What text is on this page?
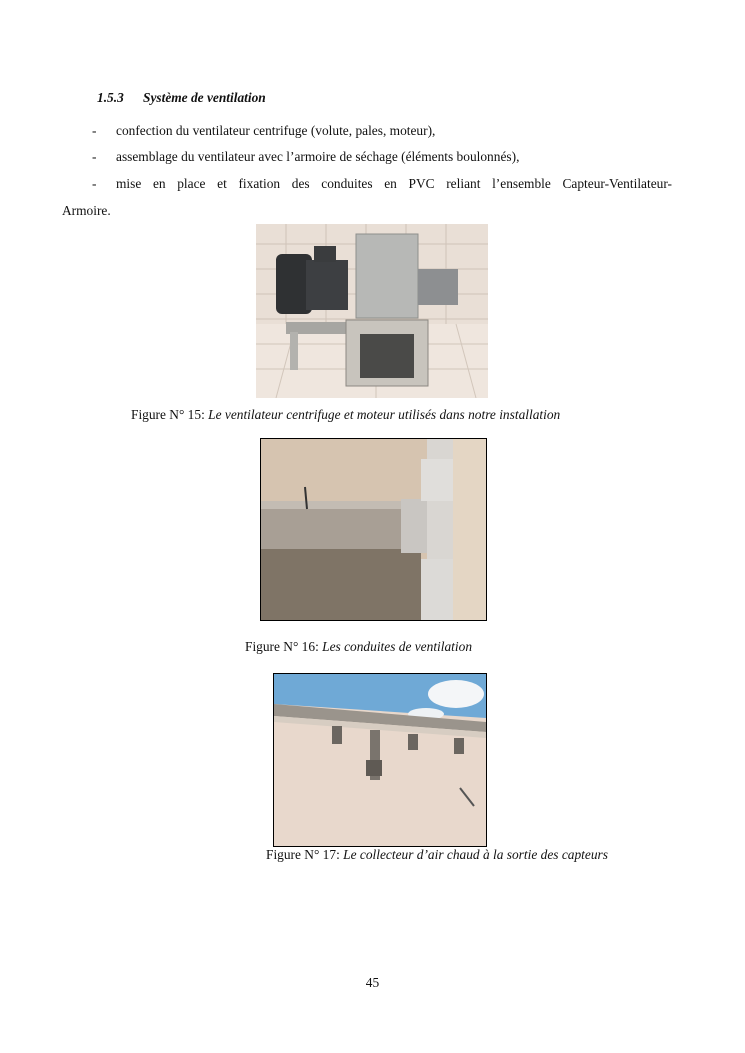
1.5.3 Système de ventilation
- confection du ventilateur centrifuge (volute, pales, moteur),
- assemblage du ventilateur avec l’armoire de séchage (éléments boulonnés),
- mise en place et fixation des conduites en PVC reliant l’ensemble Capteur-Ventilateur-
Armoire.
Figure N° 15: Le ventilateur centrifuge et moteur utilisés dans notre installation
Figure N° 16: Les conduites de ventilation
Figure N° 17: Le collecteur d’air chaud à la sortie des capteurs
45
